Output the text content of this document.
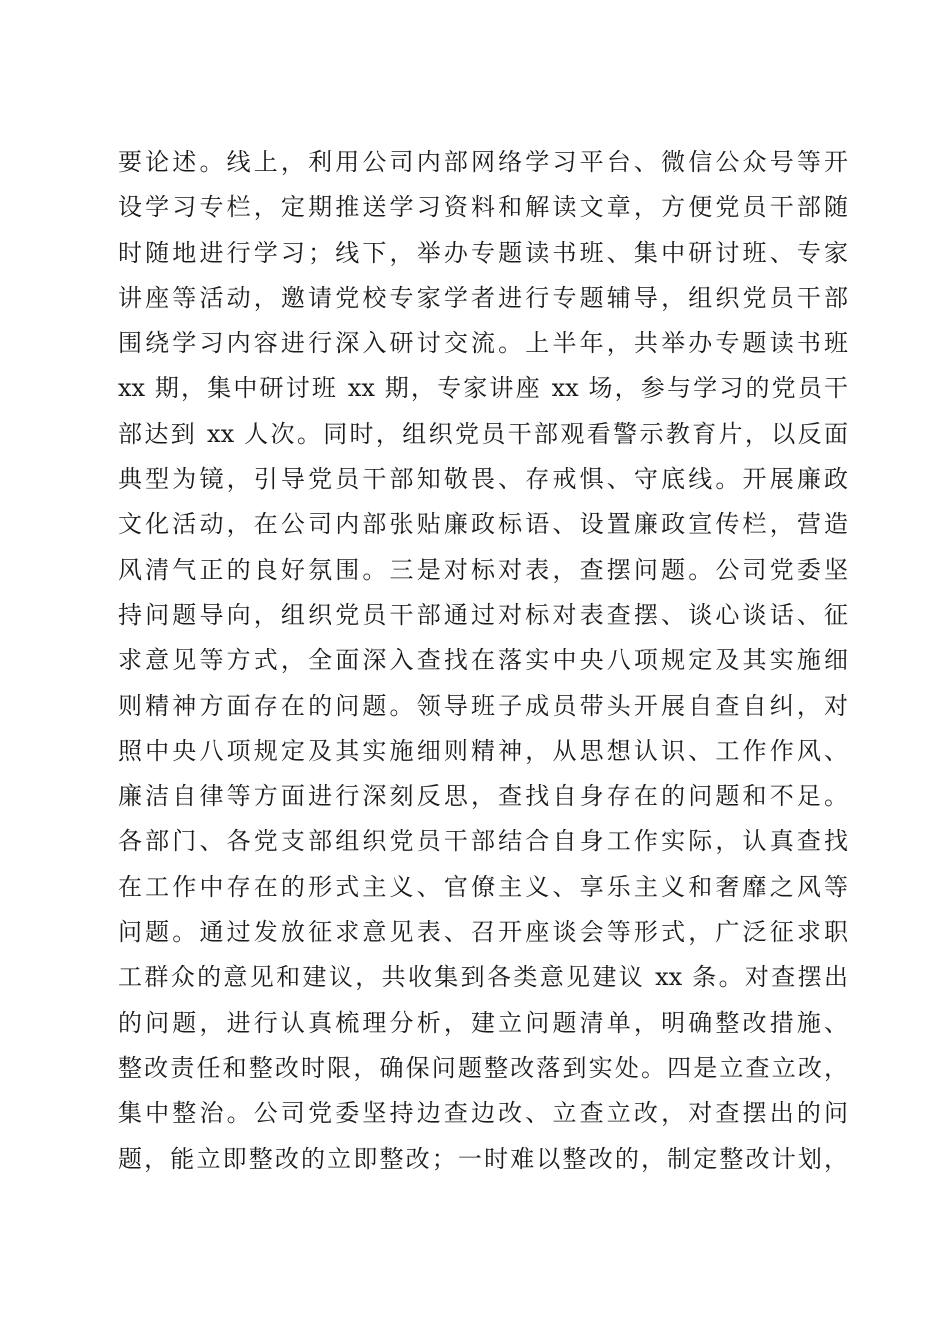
要论述。线上，利用公司内部网络学习平台、微信公众号等开
设学习专栏，定期推送学习资料和解读文章，方便党员干部随
时随地进行学习；线下，举办专题读书班、集中研讨班、专家
讲座等活动，邀请党校专家学者进行专题辅导，组织党员干部
围绕学习内容进行深入研讨交流。上半年，共举办专题读书班
xx 期，集中研讨班 xx 期，专家讲座 xx 场，参与学习的党员干
部达到 xx 人次。同时，组织党员干部观看警示教育片，以反面
典型为镜，引导党员干部知敬畏、存戒惧、守底线。开展廉政
文化活动，在公司内部张贴廉政标语、设置廉政宣传栏，营造
风清气正的良好氛围。三是对标对表，查摆问题。公司党委坚
持问题导向，组织党员干部通过对标对表查摆、谈心谈话、征
求意见等方式，全面深入查找在落实中央八项规定及其实施细
则精神方面存在的问题。领导班子成员带头开展自查自纠，对
照中央八项规定及其实施细则精神，从思想认识、工作作风、
廉洁自律等方面进行深刻反思，查找自身存在的问题和不足。
各部门、各党支部组织党员干部结合自身工作实际，认真查找
在工作中存在的形式主义、官僚主义、享乐主义和奢靡之风等
问题。通过发放征求意见表、召开座谈会等形式，广泛征求职
工群众的意见和建议，共收集到各类意见建议 xx 条。对查摆出
的问题，进行认真梳理分析，建立问题清单，明确整改措施、
整改责任和整改时限，确保问题整改落到实处。四是立查立改，
集中整治。公司党委坚持边查边改、立查立改，对查摆出的问
题，能立即整改的立即整改；一时难以整改的，制定整改计划，
